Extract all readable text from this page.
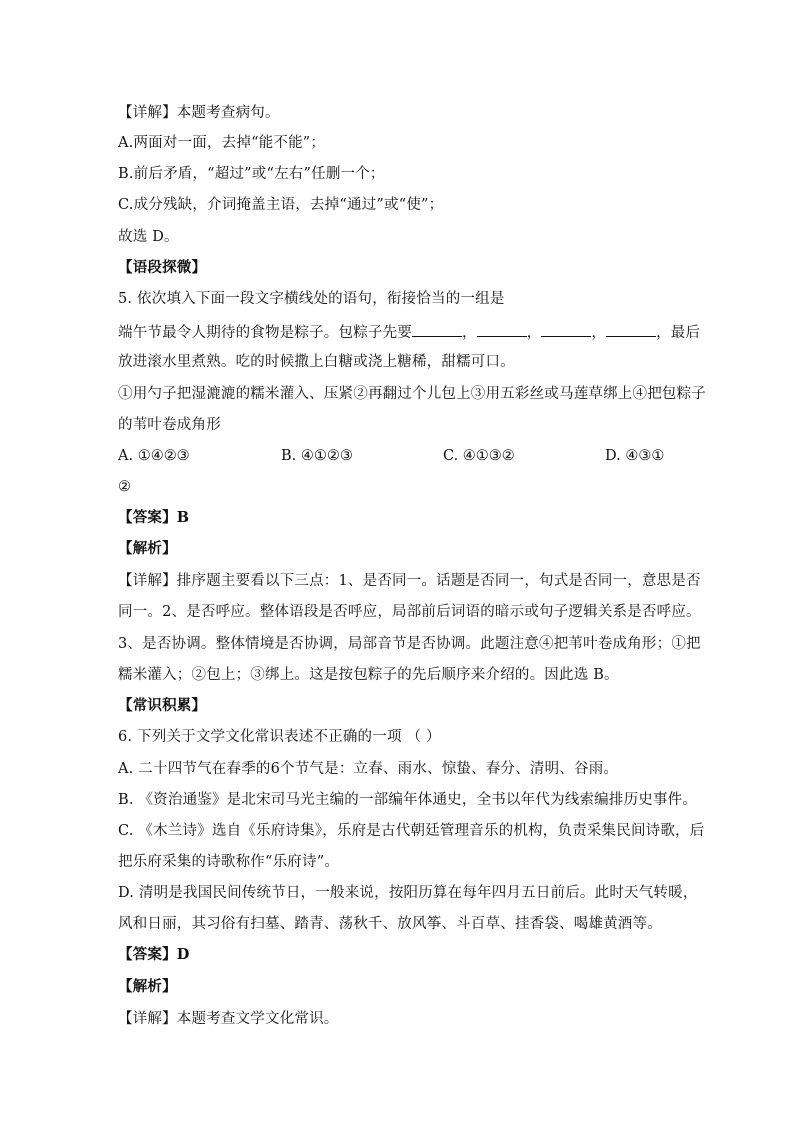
【详解】本题考查病句。
A.两面对一面，去掉“能不能”；
B.前后矛盾，“超过”或“左右”任删一个；
C.成分残缺，介词掩盖主语，去掉“通过”或“使”；
故选 D。
【语段探微】
5. 依次填入下面一段文字横线处的语句，衔接恰当的一组是
端午节最令人期待的食物是粽子。包粽子先要	，	，	，	，最后
放进滚水里煮熟。吃的时候撒上白糖或浇上糖稀，甜糯可口。
①用勺子把湿漉漉的糯米灌入、压紧②再翻过个儿包上③用五彩丝或马莲草绑上④把包粽子
的苇叶卷成角形
A. ①④②③	B. ④①②③	C. ④①③②	D. ④③①
②
【答案】B
【解析】
【详解】排序题主要看以下三点：1、是否同一。话题是否同一，句式是否同一，意思是否
同一。2、是否呼应。整体语段是否呼应，局部前后词语的暗示或句子逻辑关系是否呼应。
3、是否协调。整体情境是否协调，局部音节是否协调。此题注意④把苇叶卷成角形；①把
糯米灌入；②包上；③绑上。这是按包粽子的先后顺序来介绍的。因此选 B。
【常识积累】
6. 下列关于文学文化常识表述不正确的一项 （ ）
A. 二十四节气在春季的6个节气是：立春、雨水、惊蛰、春分、清明、谷雨。
B. 《资治通鉴》是北宋司马光主编的一部编年体通史，全书以年代为线索编排历史事件。
C. 《木兰诗》选自《乐府诗集》，乐府是古代朝廷管理音乐的机构，负责采集民间诗歌，后
把乐府采集的诗歌称作“乐府诗”。
D. 清明是我国民间传统节日，一般来说，按阳历算在每年四月五日前后。此时天气转暖，
风和日丽，其习俗有扫墓、踏青、荡秋千、放风筝、斗百草、挂香袋、喝雄黄酒等。
【答案】D
【解析】
【详解】本题考查文学文化常识。
